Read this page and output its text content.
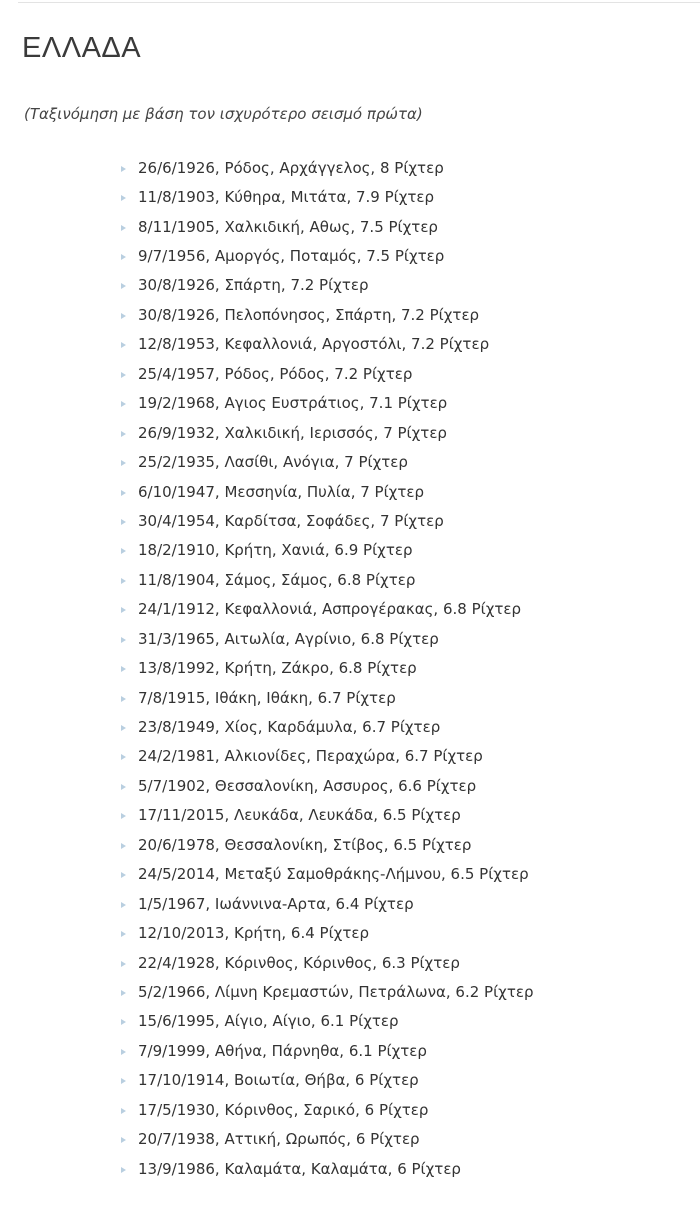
ΕΛΛΑΔΑ

(Ταξινόμηση με βάση τον ισχυρότερο σεισμό πρώτα)

26/6/1926, Ρόδος, Αρχάγγελος, 8 Ρίχτερ
11/8/1903, Κύθηρα, Μιτάτα, 7.9 Ρίχτερ
8/11/1905, Χαλκιδική, Αθως, 7.5 Ρίχτερ
9/7/1956, Αμοργός, Ποταμός, 7.5 Ρίχτερ
30/8/1926, Σπάρτη, 7.2 Ρίχτερ
30/8/1926, Πελοπόνησος, Σπάρτη, 7.2 Ρίχτερ
12/8/1953, Κεφαλλονιά, Αργοστόλι, 7.2 Ρίχτερ
25/4/1957, Ρόδος, Ρόδος, 7.2 Ρίχτερ
19/2/1968, Αγιος Ευστράτιος, 7.1 Ρίχτερ
26/9/1932, Χαλκιδική, Ιερισσός, 7 Ρίχτερ
25/2/1935, Λασίθι, Ανόγια, 7 Ρίχτερ
6/10/1947, Μεσσηνία, Πυλία, 7 Ρίχτερ
30/4/1954, Καρδίτσα, Σοφάδες, 7 Ρίχτερ
18/2/1910, Κρήτη, Χανιά, 6.9 Ρίχτερ
11/8/1904, Σάμος, Σάμος, 6.8 Ρίχτερ
24/1/1912, Κεφαλλονιά, Ασπρογέρακας, 6.8 Ρίχτερ
31/3/1965, Αιτωλία, Αγρίνιο, 6.8 Ρίχτερ
13/8/1992, Κρήτη, Ζάκρο, 6.8 Ρίχτερ
7/8/1915, Ιθάκη, Ιθάκη, 6.7 Ρίχτερ
23/8/1949, Χίος, Καρδάμυλα, 6.7 Ρίχτερ
24/2/1981, Αλκιονίδες, Περαχώρα, 6.7 Ρίχτερ
5/7/1902, Θεσσαλονίκη, Ασσυρος, 6.6 Ρίχτερ
17/11/2015, Λευκάδα, Λευκάδα, 6.5 Ρίχτερ
20/6/1978, Θεσσαλονίκη, Στίβος, 6.5 Ρίχτερ
24/5/2014, Μεταξύ Σαμοθράκης-Λήμνου, 6.5 Ρίχτερ
1/5/1967, Ιωάννινα-Αρτα, 6.4 Ρίχτερ
12/10/2013, Κρήτη, 6.4 Ρίχτερ
22/4/1928, Κόρινθος, Κόρινθος, 6.3 Ρίχτερ
5/2/1966, Λίμνη Κρεμαστών, Πετράλωνα, 6.2 Ρίχτερ
15/6/1995, Αίγιο, Αίγιο, 6.1 Ρίχτερ
7/9/1999, Αθήνα, Πάρνηθα, 6.1 Ρίχτερ
17/10/1914, Βοιωτία, Θήβα, 6 Ρίχτερ
17/5/1930, Κόρινθος, Σαρικό, 6 Ρίχτερ
20/7/1938, Αττική, Ωρωπός, 6 Ρίχτερ
13/9/1986, Καλαμάτα, Καλαμάτα, 6 Ρίχτερ
